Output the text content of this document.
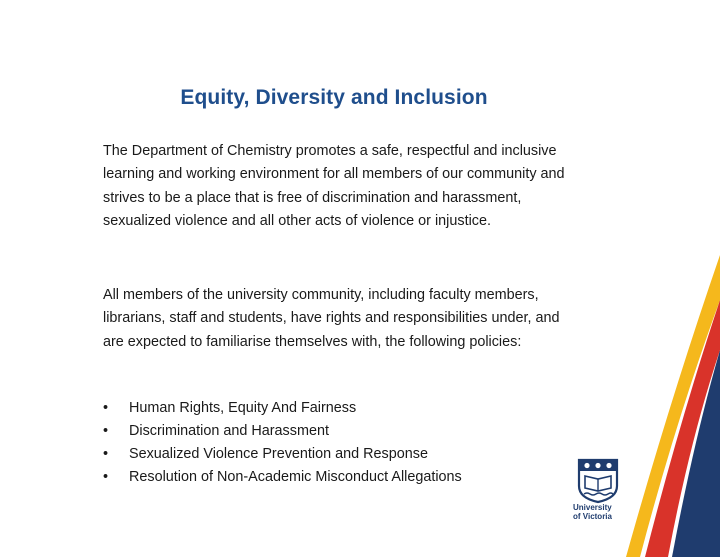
Equity, Diversity and Inclusion
The Department of Chemistry promotes a safe, respectful and inclusive learning and working environment for all members of our community and strives to be a place that is free of discrimination and harassment, sexualized violence and all other acts of violence or injustice.
All members of the university community, including faculty members, librarians, staff and students, have rights and responsibilities under, and are expected to familiarise themselves with, the following policies:
• Human Rights, Equity And Fairness
• Discrimination and Harassment
• Sexualized Violence Prevention and Response
• Resolution of Non-Academic Misconduct Allegations
University
of Victoria
